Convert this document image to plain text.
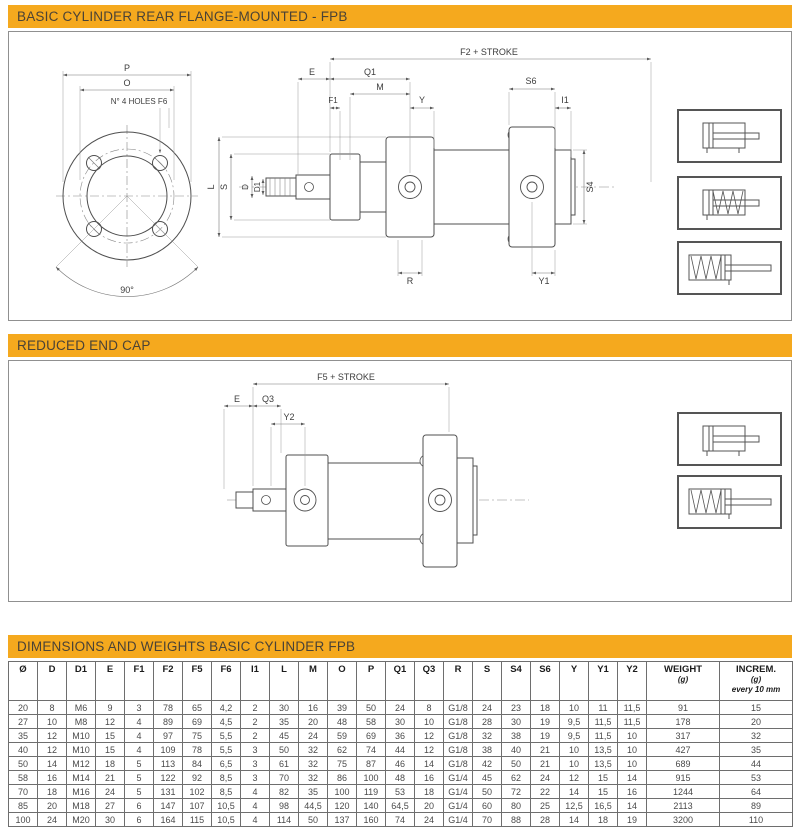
BASIC CYLINDER REAR FLANGE-MOUNTED - FPB
P
O
N° 4 HOLES F6
90°
F2 + STROKE
E	Q1
M
F1	Y
S6
I1
L S D D1
R	Y1
S4
REDUCED END CAP
F5 + STROKE
E Q3
Y2
DIMENSIONS AND WEIGHTS BASIC CYLINDER FPB
Ø	D	D1	E	F1	F2	F5	F6	I1	L	M	O	P	Q1	Q3	R	S	S4	S6	Y	Y1	Y2	WEIGHT
(g)

INCREM.
(g)
every 10 mm

20	8	M6	9	3	78	65	4,2	2	30	16	39	50	24	8	G1/8	24	23	18	10	11	11,5	91	15
27	10	M8	12	4	89	69	4,5	2	35	20	48	58	30	10	G1/8	28	30	19	9,5	11,5	11,5	178	20
35	12	M10	15	4	97	75	5,5	2	45	24	59	69	36	12	G1/8	32	38	19	9,5	11,5	10	317	32
40	12	M10	15	4	109	78	5,5	3	50	32	62	74	44	12	G1/8	38	40	21	10	13,5	10	427	35
50	14	M12	18	5	113	84	6,5	3	61	32	75	87	46	14	G1/8	42	50	21	10	13,5	10	689	44
58	16	M14	21	5	122	92	8,5	3	70	32	86	100	48	16	G1/4	45	62	24	12	15	14	915	53
70	18	M16	24	5	131	102	8,5	4	82	35	100	119	53	18	G1/4	50	72	22	14	15	16	1244	64
85	20	M18	27	6	147	107	10,5	4	98	44,5	120	140	64,5	20	G1/4	60	80	25	12,5	16,5	14	2113	89
100	24	M20	30	6	164	115	10,5	4	114	50	137	160	74	24	G1/4	70	88	28	14	18	19	3200	110
